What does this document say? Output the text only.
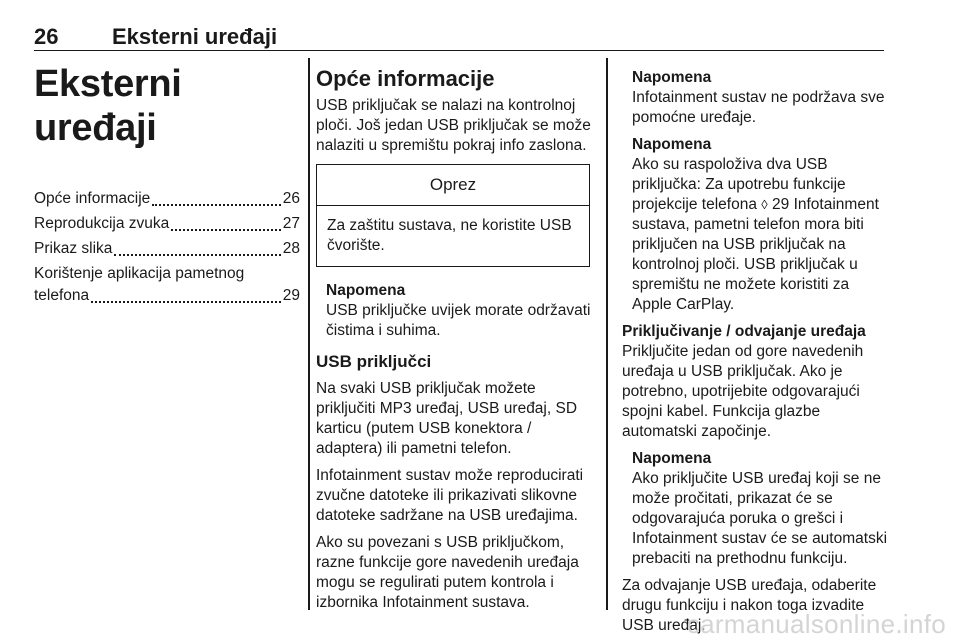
26 Eksterni uređaji
Eksterni uređaji
Opće informacije	26
Reprodukcija zvuka	27
Prikaz slika	28
Korištenje aplikacija pametnog
telefona	29
Opće informacije

USB priključak se nalazi na kontrolnoj ploči. Još jedan USB priključak se može nalaziti u spremištu pokraj info zaslona.

Oprez
Za zaštitu sustava, ne koristite USB čvorište.
Napomena
USB priključke uvijek morate održavati čistima i suhima.
USB priključci

Na svaki USB priključak možete priključiti MP3 uređaj, USB uređaj, SD karticu (putem USB konektora / adaptera) ili pametni telefon.

Infotainment sustav može reproducirati zvučne datoteke ili prikazivati slikovne datoteke sadržane na USB uređajima.

Ako su povezani s USB priključkom, razne funkcije gore navedenih uređaja mogu se regulirati putem kontrola i izbornika Infotainment sustava.

Napomena
Infotainment sustav ne podržava sve pomoćne uređaje.
Napomena
Ako su raspoloživa dva USB priključka: Za upotrebu funkcije projekcije telefona ◊ 29 Infotainment sustava, pametni telefon mora biti priključen na USB priključak na kontrolnoj ploči. USB priključak u spremištu ne možete koristiti za Apple CarPlay.
Priključivanje / odvajanje uređaja

Priključite jedan od gore navedenih uređaja u USB priključak. Ako je potrebno, upotrijebite odgovarajući spojni kabel. Funkcija glazbe automatski započinje.

Napomena
Ako priključite USB uređaj koji se ne može pročitati, prikazat će se odgovarajuća poruka o grešci i Infotainment sustav će se automatski prebaciti na prethodnu funkciju.

Za odvajanje USB uređaja, odaberite drugu funkciju i nakon toga izvadite USB uređaj.

carmanualsonline.info
